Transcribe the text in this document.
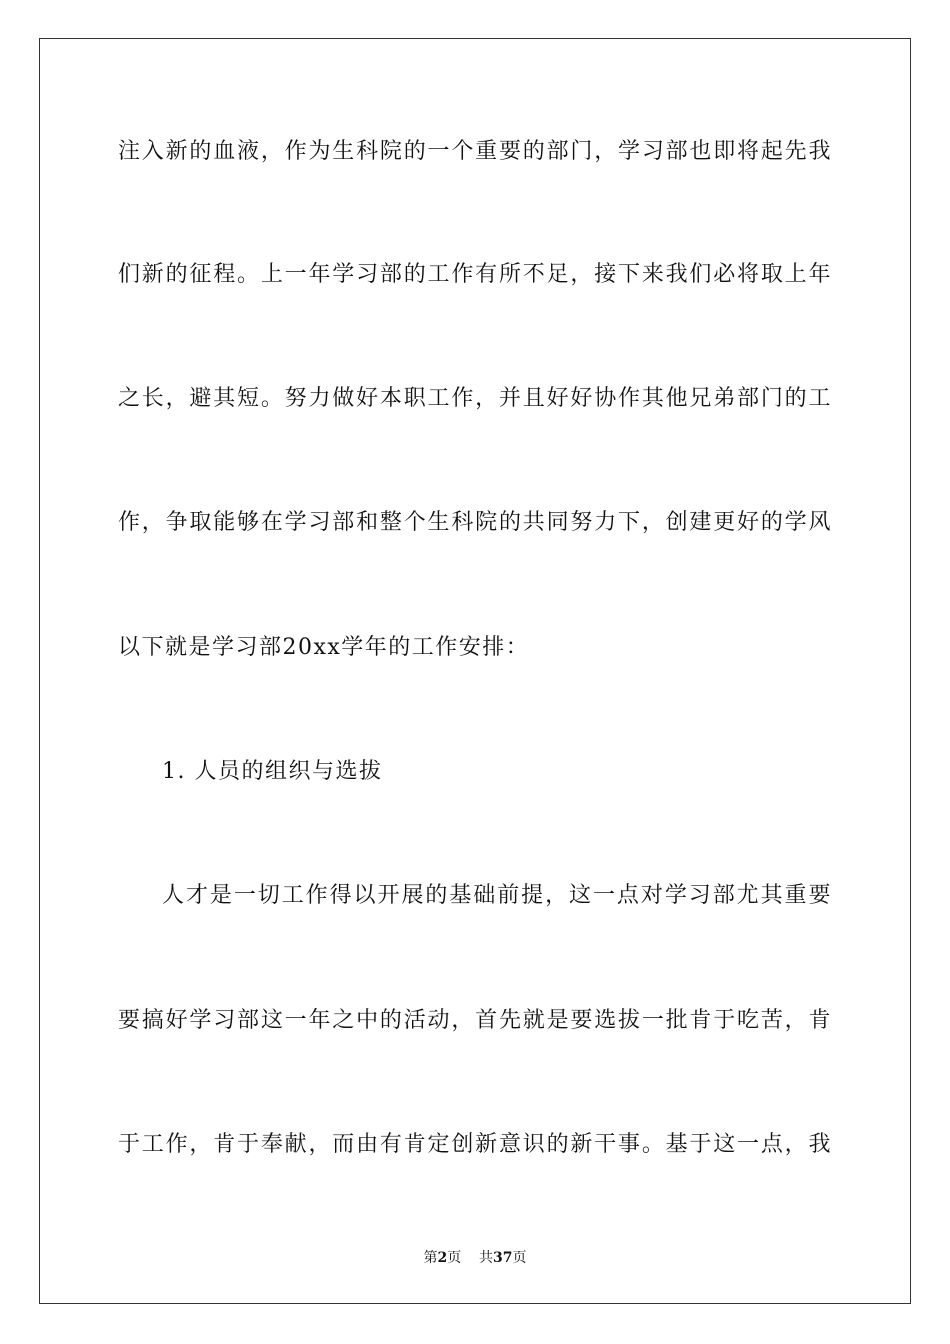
注入新的血液，作为生科院的一个重要的部门，学习部也即将起先我
们新的征程。上一年学习部的工作有所不足，接下来我们必将取上年
之长，避其短。努力做好本职工作，并且好好协作其他兄弟部门的工
作，争取能够在学习部和整个生科院的共同努力下，创建更好的学风
以下就是学习部20xx学年的工作安排：
1. 人员的组织与选拔
人才是一切工作得以开展的基础前提，这一点对学习部尤其重要
要搞好学习部这一年之中的活动，首先就是要选拔一批肯于吃苦，肯
于工作，肯于奉献，而由有肯定创新意识的新干事。基于这一点，我
第2页 共37页
